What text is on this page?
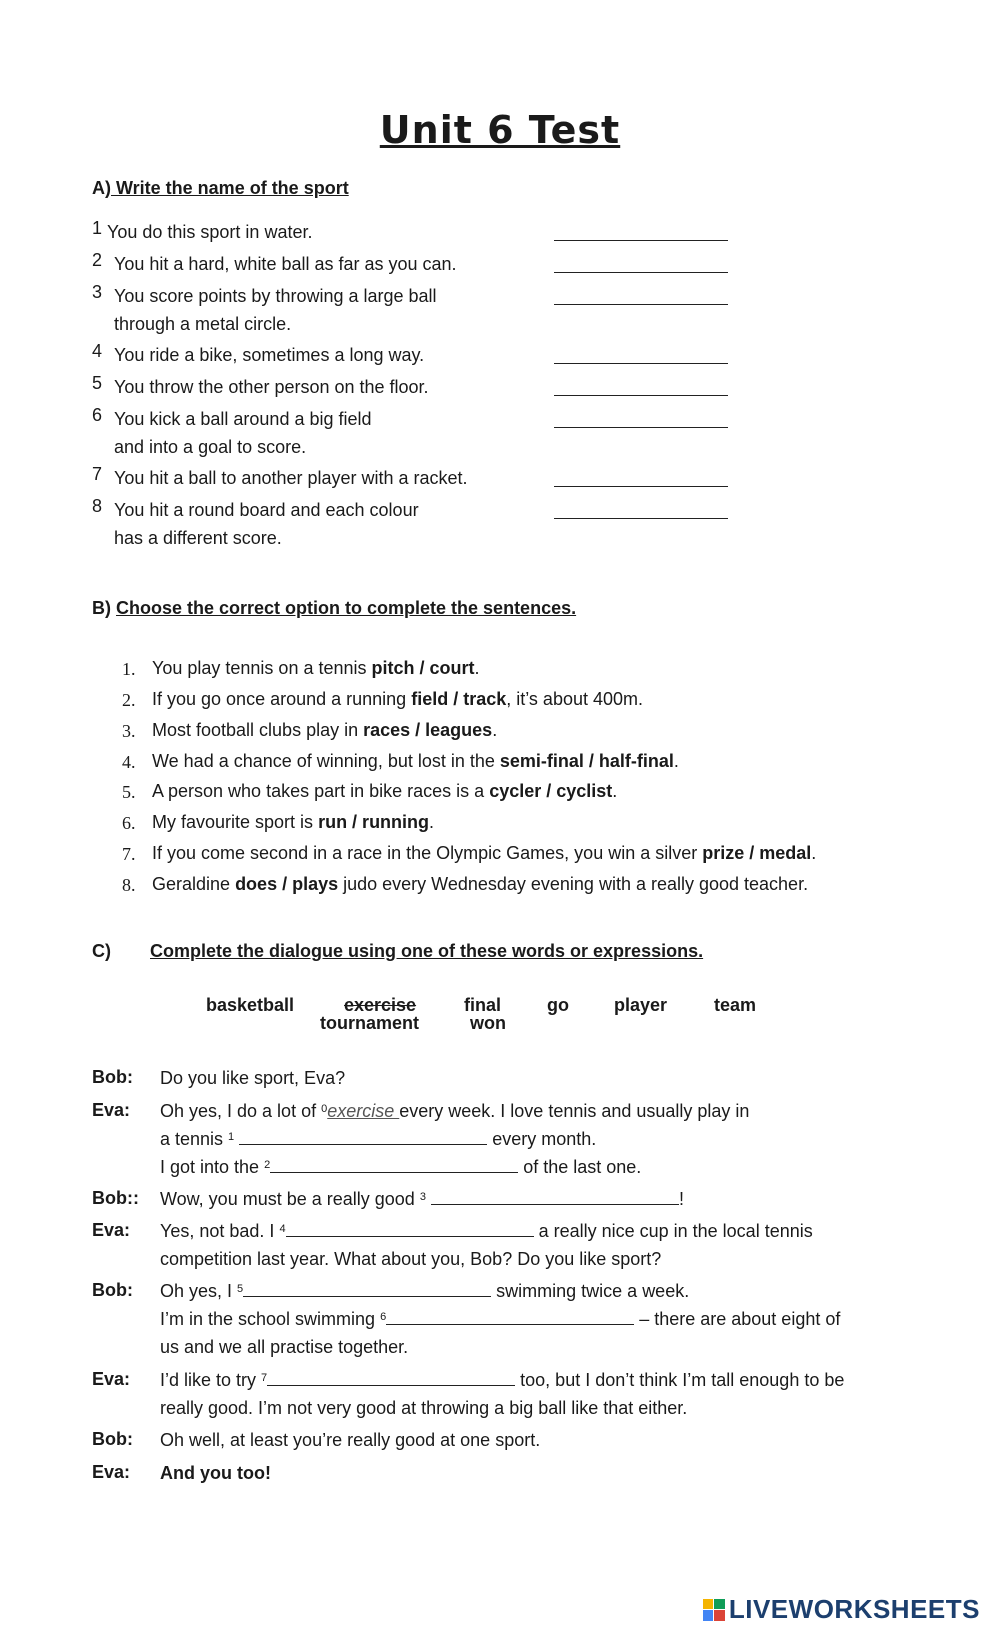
Unit 6 Test
A) Write the name of the sport
1 You do this sport in water.
2 You hit a hard, white ball as far as you can.
3 You score points by throwing a large ball
through a metal circle.
4 You ride a bike, sometimes a long way.
5 You throw the other person on the floor.
6 You kick a ball around a big field
and into a goal to score.
7 You hit a ball to another player with a racket.
8 You hit a round board and each colour
has a different score.
B) Choose the correct option to complete the sentences.
1. You play tennis on a tennis pitch / court.
2. If you go once around a running field / track, it’s about 400m.
3. Most football clubs play in races / leagues.
4. We had a chance of winning, but lost in the semi-final / half-final.
5. A person who takes part in bike races is a cycler / cyclist.
6. My favourite sport is run / running.
7. If you come second in a race in the Olympic Games, you win a silver prize / medal.
8. Geraldine does / plays judo every Wednesday evening with a really good teacher.
C) Complete the dialogue using one of these words or expressions.
basketball	exercise	final	go	player	team
tournament	won
Bob: Do you like sport, Eva?
Eva: Oh yes, I do a lot of $^0$exercise every week. I love tennis and usually play in
a tennis $^1$	every month.
I got into the $^2$	of the last one.
Bob:: Wow, you must be a really good $^3$	!
Eva: Yes, not bad. I $^4$	a really nice cup in the local tennis
competition last year. What about you, Bob? Do you like sport?
Bob: Oh yes, I $^5$	swimming twice a week.
I’m in the school swimming $^6$	– there are about eight of
us and we all practise together.
Eva: I’d like to try $^7$	too, but I don’t think I’m tall enough to be
really good. I’m not very good at throwing a big ball like that either.
Bob: Oh well, at least you’re really good at one sport.
Eva: And you too!
LIVEWORKSHEETS
